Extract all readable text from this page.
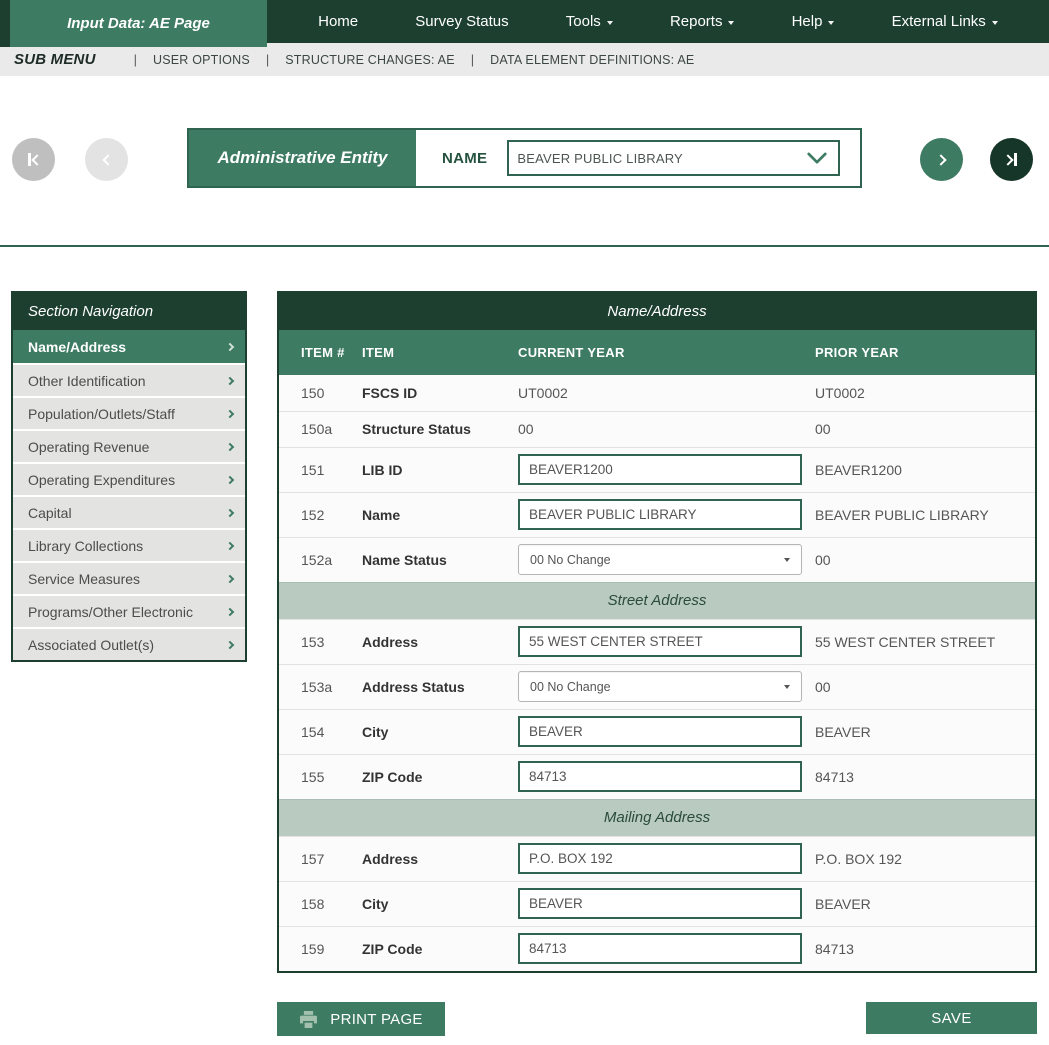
Input Data: AE Page	Home	Survey Status	Tools	Reports	Help	External Links
SUB MENU	| USER OPTIONS | STRUCTURE CHANGES: AE | DATA ELEMENT DEFINITIONS: AE
Administrative Entity	NAME BEAVER PUBLIC LIBRARY
Section Navigation
Name/Address
Other Identification
Population/Outlets/Staff
Operating Revenue
Operating Expenditures
Capital
Library Collections
Service Measures
Programs/Other Electronic
Associated Outlet(s)
Name/Address
ITEM #	ITEM	CURRENT YEAR	PRIOR YEAR
150	FSCS ID	UT0002	UT0002
150a	Structure Status	00	00
151	LIB ID	BEAVER1200	BEAVER1200
152	Name	BEAVER PUBLIC LIBRARY	BEAVER PUBLIC LIBRARY
152a	Name Status	00 No Change	00
Street Address			
153	Address	55 WEST CENTER STREET	55 WEST CENTER STREET
153a	Address Status	00 No Change	00
154	City	BEAVER	BEAVER
155	ZIP Code	84713	84713
Mailing Address			
157	Address	P.O. BOX 192	P.O. BOX 192
158	City	BEAVER	BEAVER
159	ZIP Code	84713	84713
PRINT PAGE	SAVE
